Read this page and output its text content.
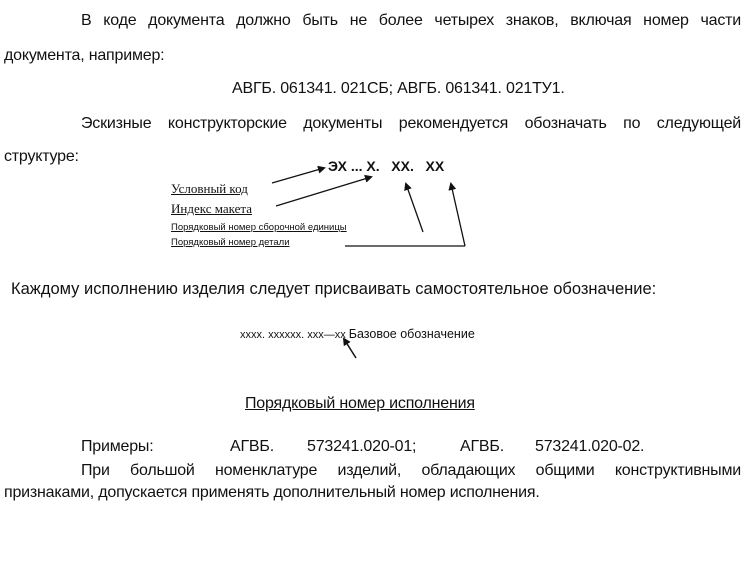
В коде документа должно быть не более четырех знаков, включая номер части
документа, например:
АВГБ. 061341. 021СБ; АВГБ. 061341. 021ТУ1.
Эскизные конструкторские документы рекомендуется обозначать по следующей
структуре:
ЭХ ... Х.   ХХ.   ХХ
Условный код
Индекс макета
Порядковый номер сборочной единицы
Порядковый номер детали
Каждому исполнению изделия следует присваивать самостоятельное обозначение:
хххх. хххххх. ххх—хх Базовое обозначение
Порядковый номер исполнения
Примеры:	АГВБ. 573241.020-01;	АГВБ. 573241.020-02.
При большой номенклатуре изделий, обладающих общими конструктивными
признаками, допускается применять дополнительный номер исполнения.
